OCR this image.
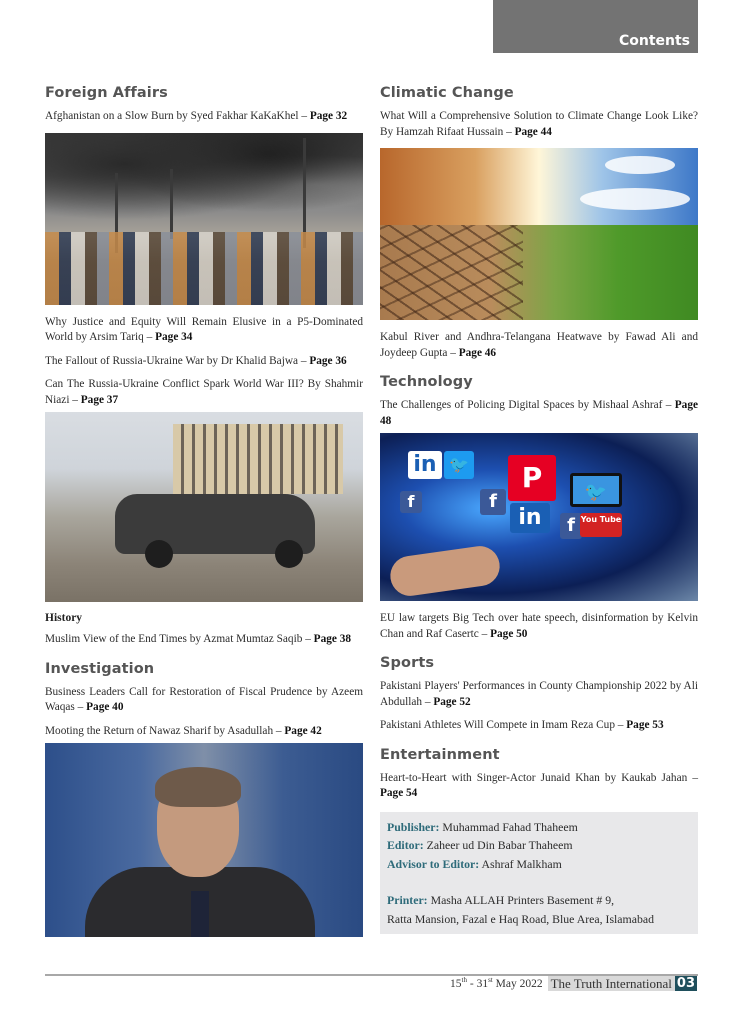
Contents
Foreign Affairs

Afghanistan on a Slow Burn by Syed Fakhar KaKaKhel – Page 32

Why Justice and Equity Will Remain Elusive in a P5-Dominated World by Arsim Tariq – Page 34

The Fallout of Russia-Ukraine War by Dr Khalid Bajwa – Page 36

Can The Russia-Ukraine Conflict Spark World War III? By Shahmir Niazi – Page 37

History

Muslim View of the End Times by Azmat Mumtaz Saqib – Page 38

Investigation

Business Leaders Call for Restoration of Fiscal Prudence by Azeem Waqas – Page 40

Mooting the Return of Nawaz Sharif by Asadullah – Page 42

Climatic Change

What Will a Comprehensive Solution to Climate Change Look Like? By Hamzah Rifaat Hussain – Page 44

Kabul River and Andhra-Telangana Heatwave by Fawad Ali and Joydeep Gupta – Page 46

Technology

The Challenges of Policing Digital Spaces by Mishaal Ashraf – Page 48

in 🐦	P	🐦
f	f
in	f You Tube

EU law targets Big Tech over hate speech, disinformation by Kelvin Chan and Raf Casertc – Page 50

Sports

Pakistani Players' Performances in County Championship 2022 by Ali Abdullah – Page 52

Pakistani Athletes Will Compete in Imam Reza Cup – Page 53

Entertainment

Heart-to-Heart with Singer-Actor Junaid Khan by Kaukab Jahan – Page 54

Publisher: Muhammad Fahad Thaheem
Editor: Zaheer ud Din Babar Thaheem
Advisor to Editor: Ashraf Malkham
Printer: Masha ALLAH Printers Basement # 9,
Ratta Mansion, Fazal e Haq Road, Blue Area, Islamabad
15th - 31st May 2022 The Truth International 03
